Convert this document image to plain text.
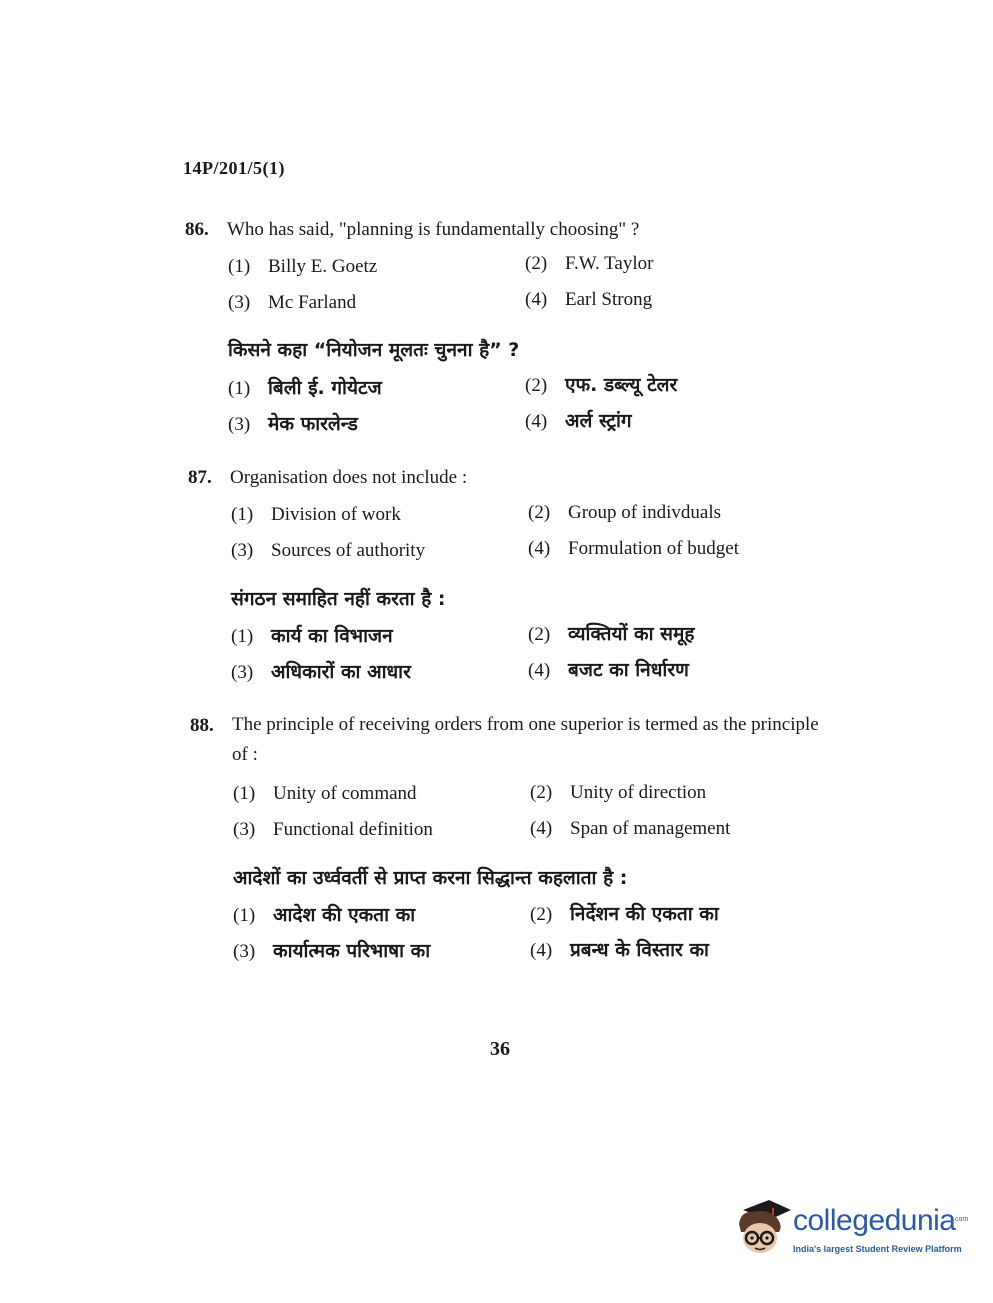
14P/201/5(1)
86. Who has said, "planning is fundamentally choosing" ?
(1) Billy E. Goetz	(2) F.W. Taylor
(3) Mc Farland	(4) Earl Strong
किसने कहा “नियोजन मूलतः चुनना है” ?
(1) बिली ई. गोयेटज	(2) एफ. डब्ल्यू टेलर
(3) मेक फारलेन्ड	(4) अर्ल स्ट्रांग
87. Organisation does not include :
(1) Division of work	(2) Group of indivduals
(3) Sources of authority	(4) Formulation of budget
संगठन समाहित नहीं करता है :
(1) कार्य का विभाजन	(2) व्यक्तियों का समूह
(3) अधिकारों का आधार	(4) बजट का निर्धारण
88. The principle of receiving orders from one superior is termed as the principle of :
(1) Unity of command	(2) Unity of direction
(3) Functional definition	(4) Span of management
आदेशों का उर्ध्ववर्ती से प्राप्त करना सिद्धान्त कहलाता है :
(1) आदेश की एकता का	(2) निर्देशन की एकता का
(3) कार्यात्मक परिभाषा का	(4) प्रबन्ध के विस्तार का
36
collegedunia
.com
India's largest Student Review Platform
